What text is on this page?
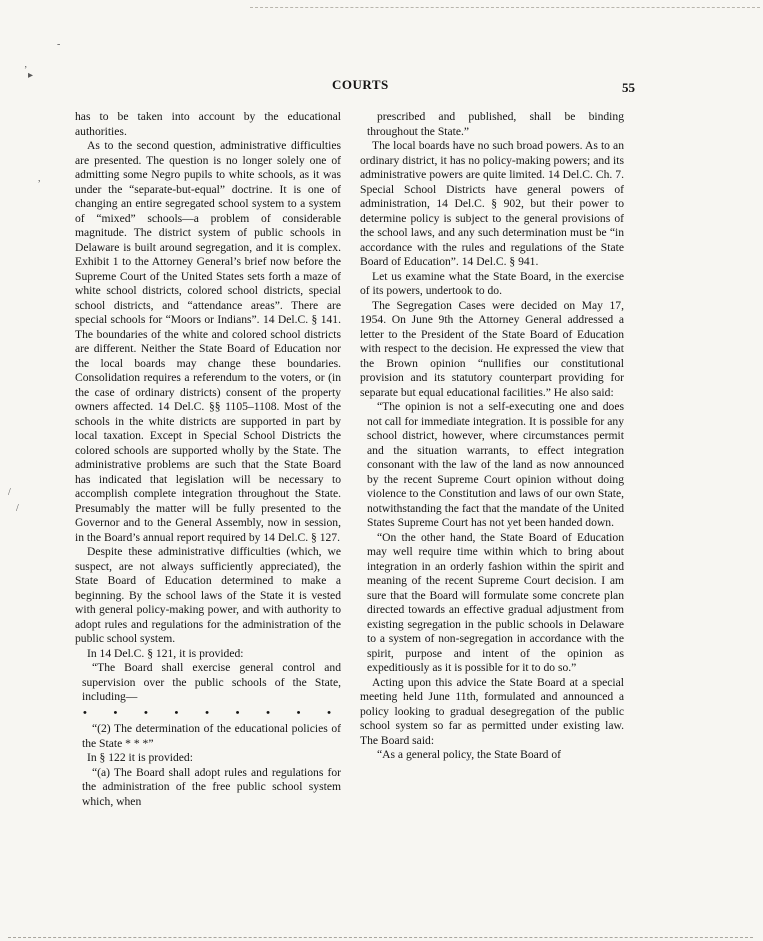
COURTS	55
-
‚
▸
,
/
/

has to be taken into account by the educational authorities.

As to the second question, administrative difficulties are presented. The question is no longer solely one of admitting some Negro pupils to white schools, as it was under the “separate-but-equal” doctrine. It is one of changing an entire segregated school system to a system of “mixed” schools—a problem of considerable magnitude. The district system of public schools in Delaware is built around segregation, and it is complex. Exhibit 1 to the Attorney General’s brief now before the Supreme Court of the United States sets forth a maze of white school districts, colored school districts, special school districts, and “attendance areas”. There are special schools for “Moors or Indians”. 14 Del.C. § 141. The boundaries of the white and colored school districts are different. Neither the State Board of Education nor the local boards may change these boundaries. Consolidation requires a referendum to the voters, or (in the case of ordinary districts) consent of the property owners affected. 14 Del.C. §§ 1105–1108. Most of the schools in the white districts are supported in part by local taxation. Except in Special School Districts the colored schools are supported wholly by the State. The administrative problems are such that the State Board has indicated that legislation will be necessary to accomplish complete integration throughout the State. Presumably the matter will be fully presented to the Governor and to the General Assembly, now in session, in the Board’s annual report required by 14 Del.C. § 127.

Despite these administrative difficulties (which, we suspect, are not always sufficiently appreciated), the State Board of Education determined to make a beginning. By the school laws of the State it is vested with general policy-making power, and with authority to adopt rules and regulations for the administration of the public school system.

In 14 Del.C. § 121, it is provided:

“The Board shall exercise general control and supervision over the public schools of the State, including—

• • • • • • • • •

“(2) The determination of the educational policies of the State * * *”

In § 122 it is provided:

“(a) The Board shall adopt rules and regulations for the administration of the free public school system which, when

prescribed and published, shall be binding throughout the State.”

The local boards have no such broad powers. As to an ordinary district, it has no policy-making powers; and its administrative powers are quite limited. 14 Del.C. Ch. 7. Special School Districts have general powers of administration, 14 Del.C. § 902, but their power to determine policy is subject to the general provisions of the school laws, and any such determination must be “in accordance with the rules and regulations of the State Board of Education”. 14 Del.C. § 941.

Let us examine what the State Board, in the exercise of its powers, undertook to do.

The Segregation Cases were decided on May 17, 1954. On June 9th the Attorney General addressed a letter to the President of the State Board of Education with respect to the decision. He expressed the view that the Brown opinion “nullifies our constitutional provision and its statutory counterpart providing for separate but equal educational facilities.” He also said:

“The opinion is not a self-executing one and does not call for immediate integration. It is possible for any school district, however, where circumstances permit and the situation warrants, to effect integration consonant with the law of the land as now announced by the recent Supreme Court opinion without doing violence to the Constitution and laws of our own State, notwithstanding the fact that the mandate of the United States Supreme Court has not yet been handed down.

“On the other hand, the State Board of Education may well require time within which to bring about integration in an orderly fashion within the spirit and meaning of the recent Supreme Court decision. I am sure that the Board will formulate some concrete plan directed towards an effective gradual adjustment from existing segregation in the public schools in Delaware to a system of non-segregation in accordance with the spirit, purpose and intent of the opinion as expeditiously as it is possible for it to do so.”

Acting upon this advice the State Board at a special meeting held June 11th, formulated and announced a policy looking to gradual desegregation of the public school system so far as permitted under existing law. The Board said:

“As a general policy, the State Board of
